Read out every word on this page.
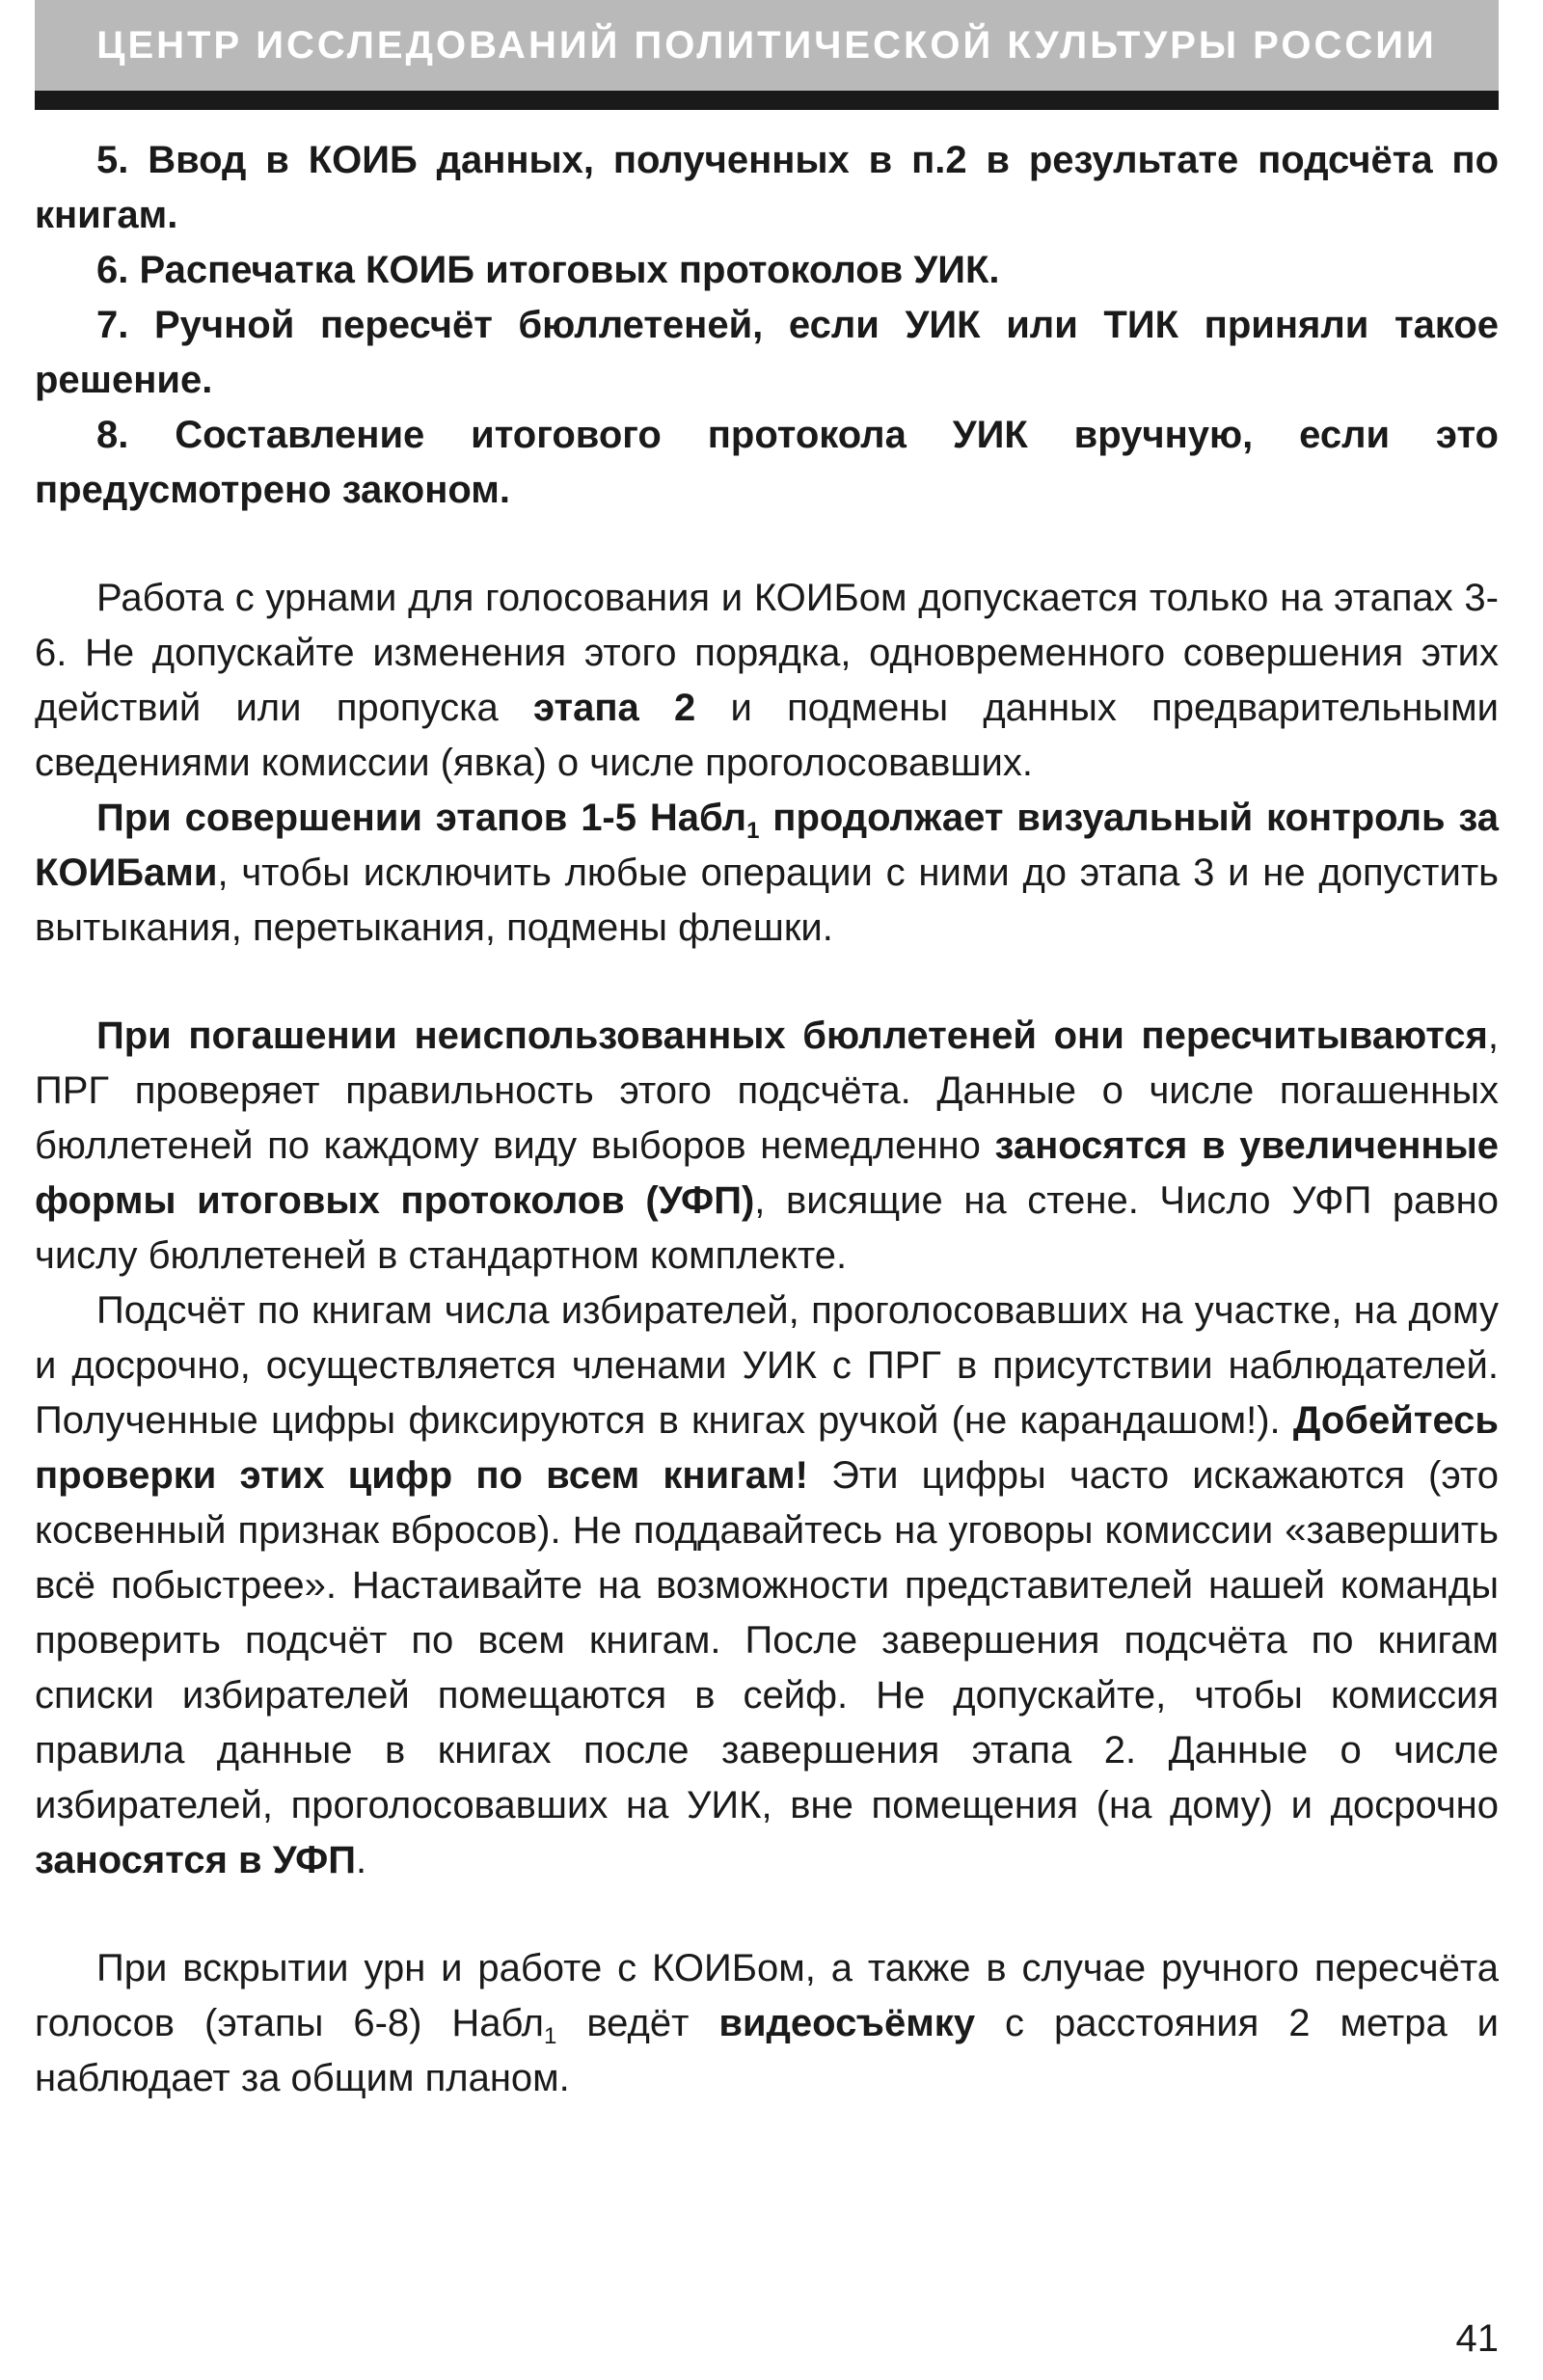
ЦЕНТР ИССЛЕДОВАНИЙ ПОЛИТИЧЕСКОЙ КУЛЬТУРЫ РОССИИ

5. Ввод в КОИБ данных, полученных в п.2 в результате подсчёта по книгам.

6. Распечатка КОИБ итоговых протоколов УИК.

7. Ручной пересчёт бюллетеней, если УИК или ТИК приняли такое решение.

8. Составление итогового протокола УИК вручную, если это предусмотрено законом.

Работа с урнами для голосования и КОИБом допускается только на этапах 3-6. Не допускайте изменения этого порядка, одновременного совершения этих действий или пропуска этапа 2 и подмены данных предварительными сведениями комиссии (явка) о числе проголосовавших.

При совершении этапов 1-5 Набл$_1$ продолжает визуальный контроль за КОИБами, чтобы исключить любые операции с ними до этапа 3 и не допустить вытыкания, перетыкания, подмены флешки.

При погашении неиспользованных бюллетеней они пересчитываются, ПРГ проверяет правильность этого подсчёта. Данные о числе погашенных бюллетеней по каждому виду выборов немедленно заносятся в увеличенные формы итоговых протоколов (УФП), висящие на стене. Число УФП равно числу бюллетеней в стандартном комплекте.

Подсчёт по книгам числа избирателей, проголосовавших на участке, на дому и досрочно, осуществляется членами УИК с ПРГ в присутствии наблюдателей. Полученные цифры фиксируются в книгах ручкой (не карандашом!). Добейтесь проверки этих цифр по всем книгам! Эти цифры часто искажаются (это косвенный признак вбросов). Не поддавайтесь на уговоры комиссии «завершить всё побыстрее». Настаивайте на возможности представителей нашей команды проверить подсчёт по всем книгам. После завершения подсчёта по книгам списки избирателей помещаются в сейф. Не допускайте, чтобы комиссия правила данные в книгах после завершения этапа 2. Данные о числе избирателей, проголосовавших на УИК, вне помещения (на дому) и досрочно заносятся в УФП.

При вскрытии урн и работе с КОИБом, а также в случае ручного пересчёта голосов (этапы 6-8) Набл$_1$ ведёт видеосъёмку с расстояния 2 метра и наблюдает за общим планом.

41
